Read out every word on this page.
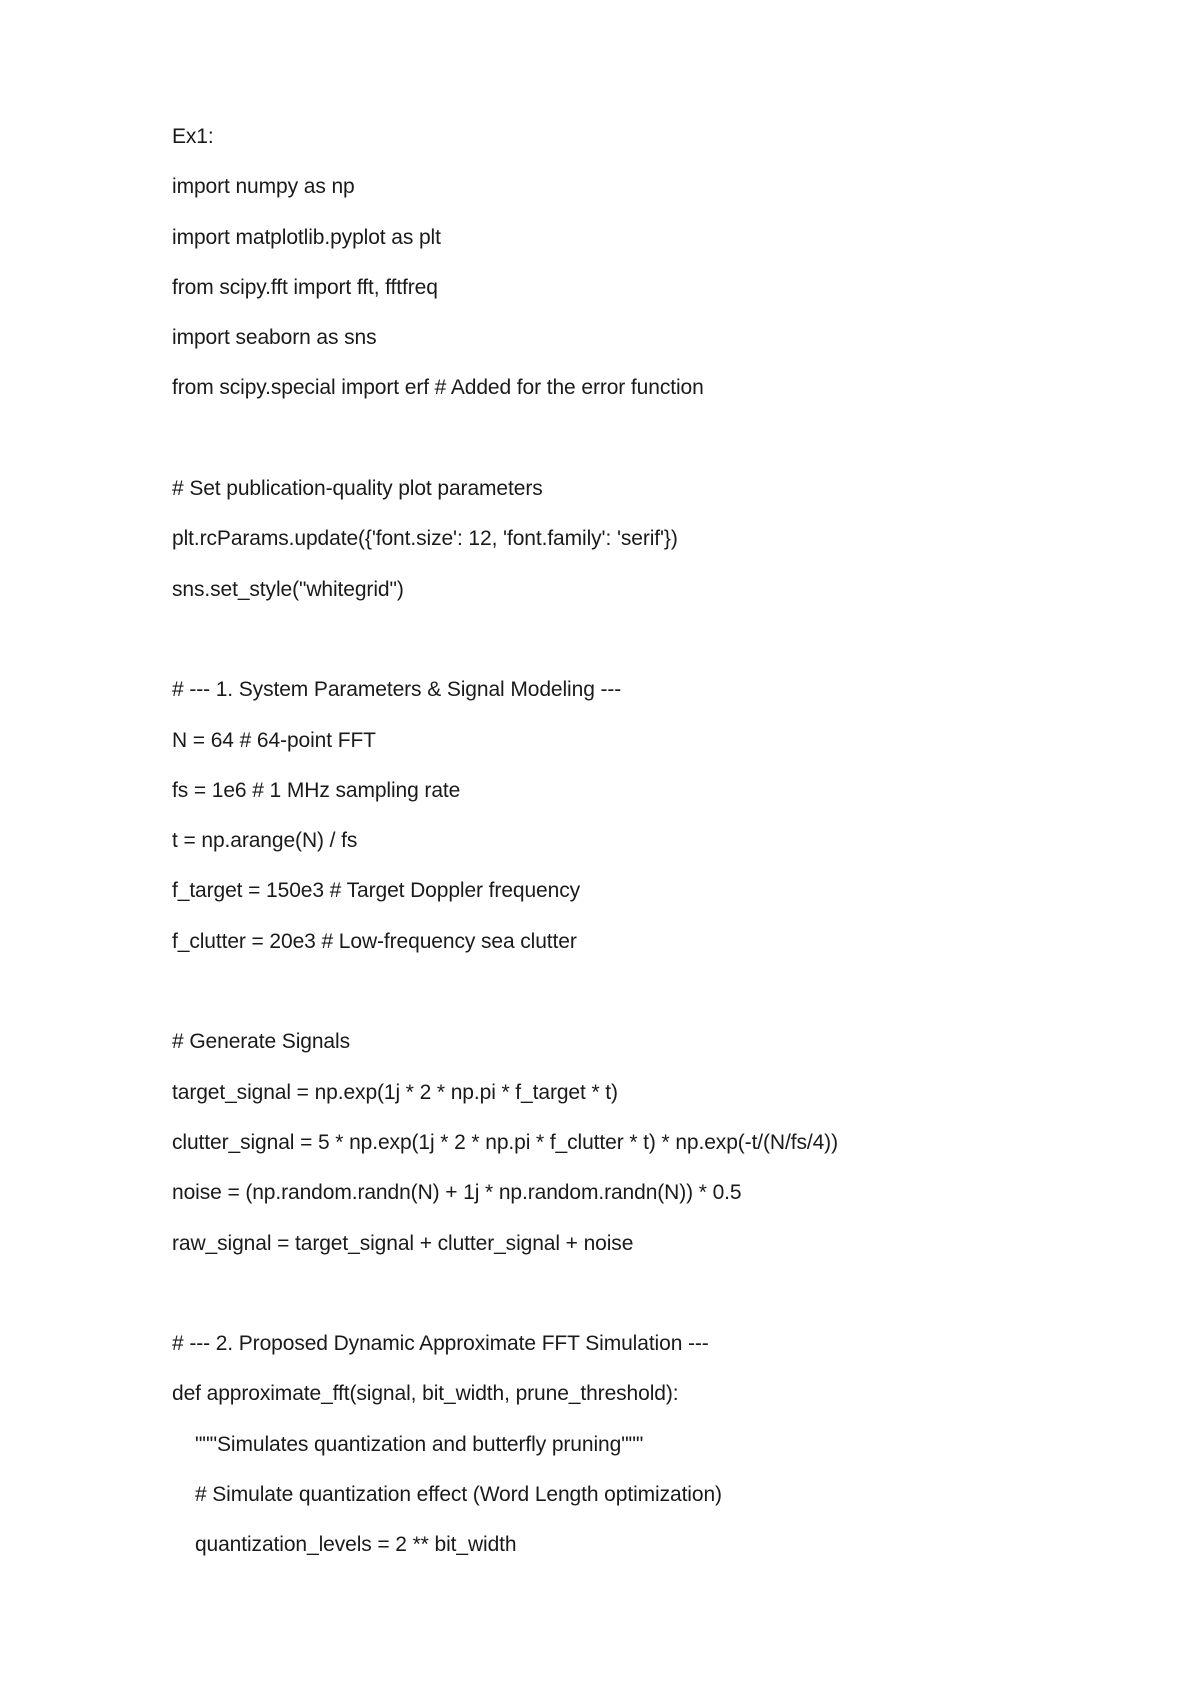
Ex1:
import numpy as np
import matplotlib.pyplot as plt
from scipy.fft import fft, fftfreq
import seaborn as sns
from scipy.special import erf # Added for the error function
# Set publication-quality plot parameters
plt.rcParams.update({'font.size': 12, 'font.family': 'serif'})
sns.set_style("whitegrid")
# --- 1. System Parameters & Signal Modeling ---
N = 64 # 64-point FFT
fs = 1e6 # 1 MHz sampling rate
t = np.arange(N) / fs
f_target = 150e3 # Target Doppler frequency
f_clutter = 20e3 # Low-frequency sea clutter
# Generate Signals
target_signal = np.exp(1j * 2 * np.pi * f_target * t)
clutter_signal = 5 * np.exp(1j * 2 * np.pi * f_clutter * t) * np.exp(-t/(N/fs/4))
noise = (np.random.randn(N) + 1j * np.random.randn(N)) * 0.5
raw_signal = target_signal + clutter_signal + noise
# --- 2. Proposed Dynamic Approximate FFT Simulation ---
def approximate_fft(signal, bit_width, prune_threshold):
"""Simulates quantization and butterfly pruning"""
# Simulate quantization effect (Word Length optimization)
quantization_levels = 2 ** bit_width
